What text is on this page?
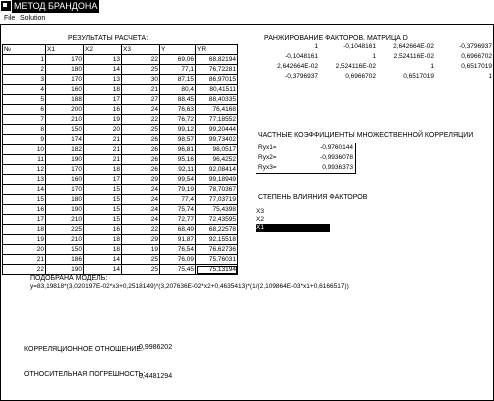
МЕТОД БРАНДОНА
File Solution
РЕЗУЛЬТАТЫ РАСЧЕТА:
№	X1	X2	X3	Y	YR
1	170	13	22	69,06	68,82194
2	180	14	25	77,1	76,72281
3	170	13	30	87,15	86,97015
4	160	18	21	80,4	80,41511
5	188	17	27	88,45	88,40335
6	200	16	24	76,63	76,4168
7	210	19	22	76,72	77,18552
8	150	20	25	99,12	99,20444
9	174	21	26	98,57	99,73402
10	182	21	26	96,81	98,0517
11	190	21	26	95,16	96,4252
12	170	18	26	92,11	92,08414
13	160	17	29	99,54	99,18949
14	170	15	24	79,19	78,70367
15	180	15	24	77,4	77,03719
16	190	15	24	75,74	75,4398
17	210	15	24	72,77	72,43595
18	225	16	22	68,49	68,22578
19	210	18	29	91,87	92,15518
20	150	18	19	76,54	76,62736
21	186	14	25	76,09	75,76031
22	190	14	25	75,45	75,13194
РАНЖИРОВАНИЕ ФАКТОРОВ. МАТРИЦА D
1	-0,1048161	2,642664E-02	-0,3796937
-0,1048161	1	2,524116E-02	0,6966702
2,642664E-02	2,524116E-02	1	0,6517019
-0,3796937	0,6966702	0,6517019	1
ЧАСТНЫЕ КОЭФФИЦИЕНТЫ МНОЖЕСТВЕННОЙ КОРРЕЛЯЦИИ
Ryx1=	-0,9760144
Ryx2=	-0,9936078
Ryx3=	0,9936373
СТЕПЕНЬ ВЛИЯНИЯ ФАКТОРОВ
X3
X2
X1
ПОДОБРАНА МОДЕЛЬ:
y=83,19818*(3,020197E-02*x3+0,2518149)*(3,207636E-02*x2+0,4635413)*(1/(2,109864E-03*x1+0,6166517))
КОРРЕЛЯЦИОННОЕ ОТНОШЕНИЕ:
0,9986202
ОТНОСИТЕЛЬНАЯ ПОГРЕШНОСТЬ:
0,4481294
